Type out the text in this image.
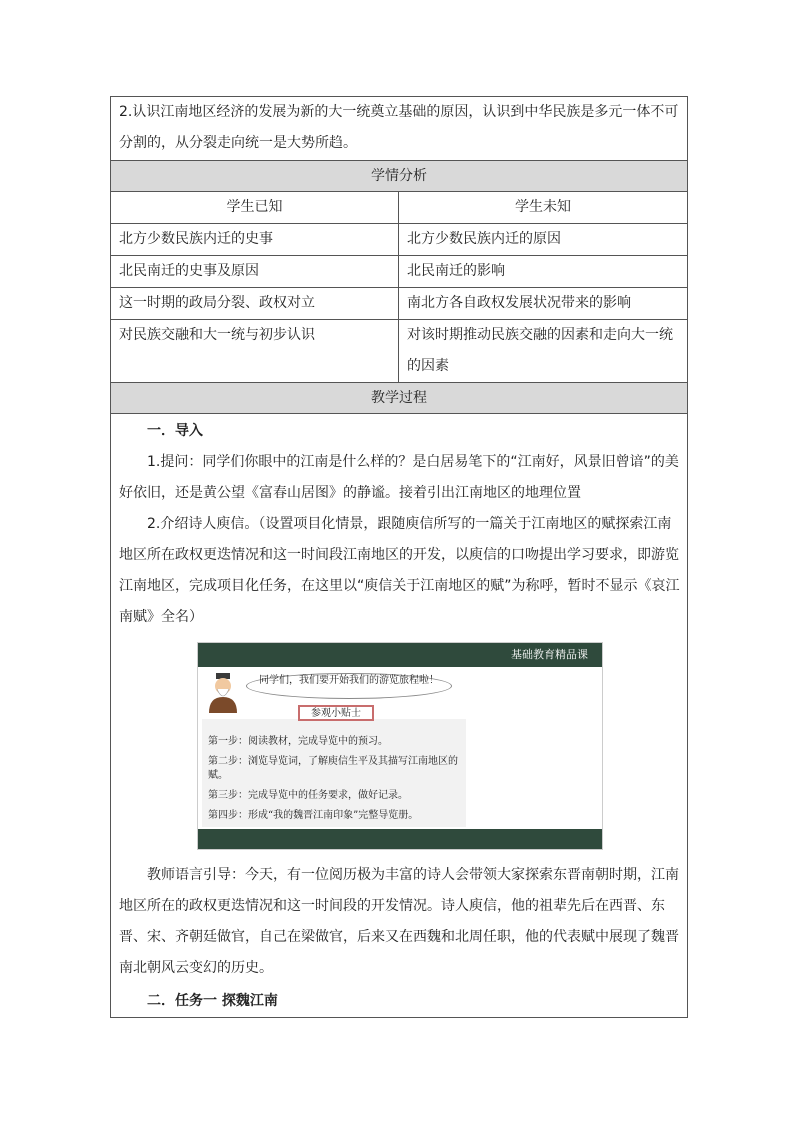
2.认识江南地区经济的发展为新的大一统奠立基础的原因，认识到中华民族是多元一体不可分割的，从分裂走向统一是大势所趋。

学情分析
学生已知	学生未知
北方少数民族内迁的史事	北方少数民族内迁的原因
北民南迁的史事及原因	北民南迁的影响
这一时期的政局分裂、政权对立	南北方各自政权发展状况带来的影响
对民族交融和大一统与初步认识	对该时期推动民族交融的因素和走向大一统的因素
教学过程
一．导入

1.提问：同学们你眼中的江南是什么样的？是白居易笔下的“江南好，风景旧曾谙”的美好依旧，还是黄公望《富春山居图》的静谧。接着引出江南地区的地理位置

2.介绍诗人庾信。（设置项目化情景，跟随庾信所写的一篇关于江南地区的赋探索江南地区所在政权更迭情况和这一时间段江南地区的开发，以庾信的口吻提出学习要求，即游览江南地区，完成项目化任务，在这里以“庾信关于江南地区的赋”为称呼，暂时不显示《哀江南赋》全名）

基础教育精品课
同学们，我们要开始我们的游览旅程啦！
第一步：阅读教材，完成导览中的预习。
第二步：浏览导览词，了解庾信生平及其描写江南地区的赋。
第三步：完成导览中的任务要求，做好记录。
第四步：形成“我的魏晋江南印象”完整导览册。
参观小贴士

教师语言引导：今天，有一位阅历极为丰富的诗人会带领大家探索东晋南朝时期，江南地区所在的政权更迭情况和这一时间段的开发情况。诗人庾信，他的祖辈先后在西晋、东晋、宋、齐朝廷做官，自己在梁做官，后来又在西魏和北周任职，他的代表赋中展现了魏晋南北朝风云变幻的历史。

二．任务一 探魏江南
